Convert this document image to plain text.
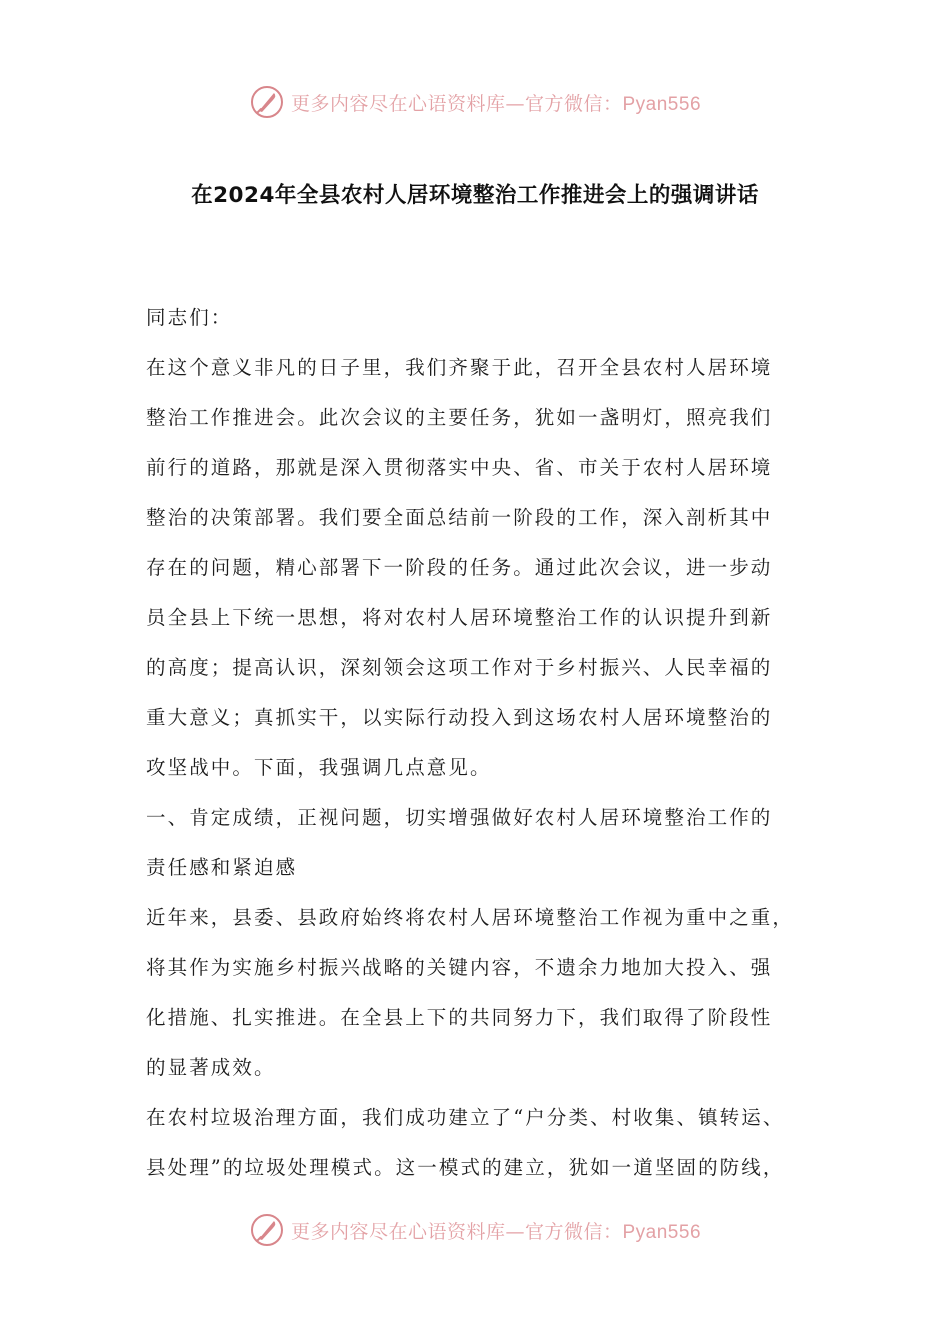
更多内容尽在心语资料库—官方微信：Pyan556
在2024年全县农村人居环境整治工作推进会上的强调讲话
同志们：
在这个意义非凡的日子里，我们齐聚于此，召开全县农村人居环境
整治工作推进会。此次会议的主要任务，犹如一盏明灯，照亮我们
前行的道路，那就是深入贯彻落实中央、省、市关于农村人居环境
整治的决策部署。我们要全面总结前一阶段的工作，深入剖析其中
存在的问题，精心部署下一阶段的任务。通过此次会议，进一步动
员全县上下统一思想，将对农村人居环境整治工作的认识提升到新
的高度；提高认识，深刻领会这项工作对于乡村振兴、人民幸福的
重大意义；真抓实干，以实际行动投入到这场农村人居环境整治的
攻坚战中。下面，我强调几点意见。
一、肯定成绩，正视问题，切实增强做好农村人居环境整治工作的
责任感和紧迫感
近年来，县委、县政府始终将农村人居环境整治工作视为重中之重，
将其作为实施乡村振兴战略的关键内容，不遗余力地加大投入、强
化措施、扎实推进。在全县上下的共同努力下，我们取得了阶段性
的显著成效。
在农村垃圾治理方面，我们成功建立了“户分类、村收集、镇转运、
县处理”的垃圾处理模式。这一模式的建立，犹如一道坚固的防线，
更多内容尽在心语资料库—官方微信：Pyan556
